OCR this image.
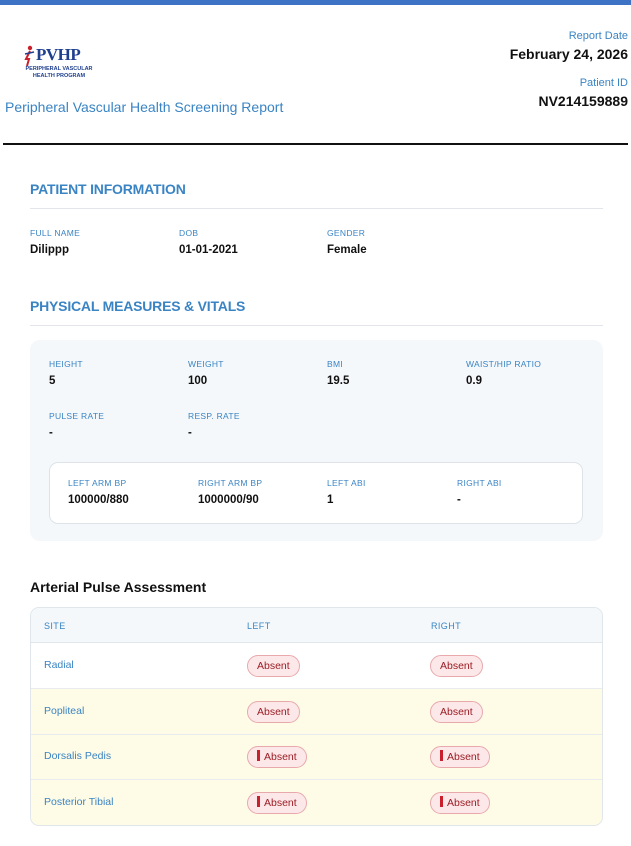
PVHP
PERIPHERAL VASCULAR HEALTH PROGRAM
Peripheral Vascular Health Screening Report
Report Date
February 24, 2026
Patient ID
NV214159889
PATIENT INFORMATION
FULL NAME
Dilippp
DOB
01-01-2021
GENDER
Female
PHYSICAL MEASURES & VITALS
HEIGHT
5
WEIGHT
100
BMI
19.5
WAIST/HIP RATIO
0.9
PULSE RATE
-
RESP. RATE
-
LEFT ARM BP
100000/880
RIGHT ARM BP
1000000/90
LEFT ABI
1
RIGHT ABI
-
Arterial Pulse Assessment
SITE	LEFT	RIGHT
Radial	Absent	Absent
Popliteal	Absent	Absent
Dorsalis Pedis	Absent	Absent
Posterior Tibial	Absent	Absent
